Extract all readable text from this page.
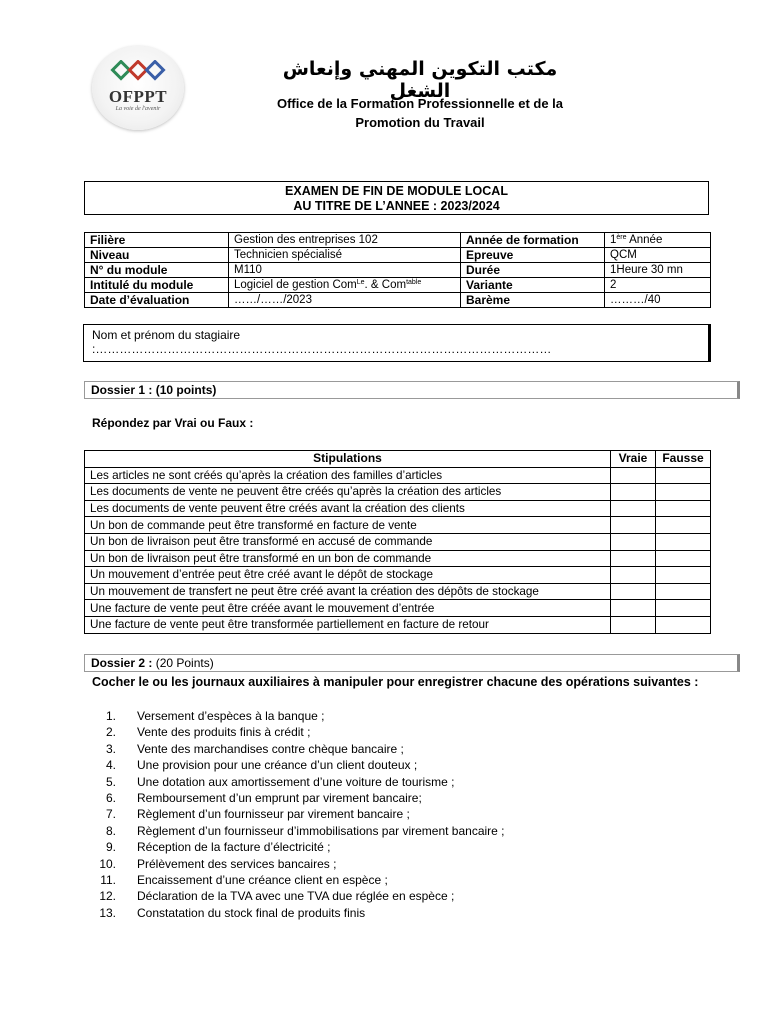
OFPPT
La voie de l'avenir
مكتب التكوين المهني وإنعاش الشغل
Office de la Formation Professionnelle et de la
Promotion du Travail
EXAMEN DE FIN DE MODULE LOCAL
AU TITRE DE L’ANNEE : 2023/2024
Filière	Gestion des entreprises 102	Année de formation	1ère Année
Niveau	Technicien spécialisé	Epreuve	QCM
N° du module	M110	Durée	1Heure 30 mn
Intitulé du module	Logiciel de gestion Com$^{Le}$. & Com$^{table}$	Variante	2
Date d’évaluation	……/……/2023	Barème	………/40
Nom et prénom du stagiaire :……………………………………………………………………………………………………
Dossier 1 : (10 points)
Répondez par Vrai ou Faux :
Stipulations	Vraie	Fausse
Les articles ne sont créés qu’après la création des familles d’articles		
Les documents de vente ne peuvent être créés qu’après la création des articles		
Les documents de vente peuvent être créés avant la création des clients		
Un bon de commande peut être transformé en facture de vente		
Un bon de livraison peut être transformé en accusé de commande		
Un bon de livraison peut être transformé en un bon de commande		
Un mouvement d’entrée peut être créé avant le dépôt de stockage		
Un mouvement de transfert ne peut être créé avant la création des dépôts de stockage		
Une facture de vente peut être créée avant le mouvement d’entrée		
Une facture de vente peut être transformée partiellement en facture de retour		
Dossier 2 : (20 Points)
Cocher le ou les journaux auxiliaires à manipuler pour enregistrer chacune des opérations suivantes :
1. Versement d’espèces à la banque ;
2. Vente des produits finis à crédit ;
3. Vente des marchandises contre chèque bancaire ;
4. Une provision pour une créance d’un client douteux ;
5. Une dotation aux amortissement d’une voiture de tourisme ;
6. Remboursement d’un emprunt par virement bancaire;
7. Règlement d’un fournisseur par virement bancaire ;
8. Règlement d’un fournisseur d’immobilisations par virement bancaire ;
9. Réception de la facture d’électricité ;
10. Prélèvement des services bancaires ;
11. Encaissement d’une créance client en espèce ;
12. Déclaration de la TVA avec une TVA due réglée en espèce ;
13. Constatation du stock final de produits finis
